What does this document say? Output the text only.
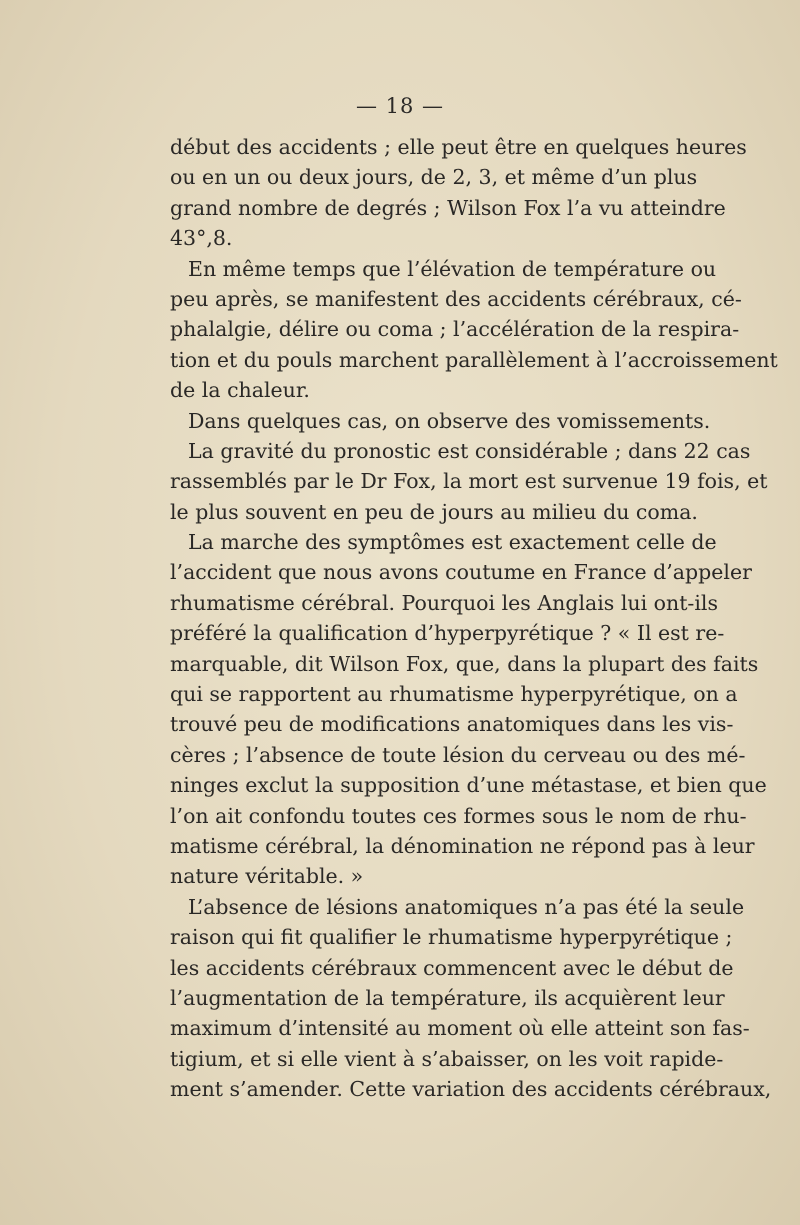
— 18 —
début des accidents ; elle peut être en quelques heures
ou en un ou deux jours, de 2, 3, et même d’un plus
grand nombre de degrés ; Wilson Fox l’a vu atteindre
43°,8.
En même temps que l’élévation de température ou
peu après, se manifestent des accidents cérébraux, cé-
phalalgie, délire ou coma ; l’accélération de la respira-
tion et du pouls marchent parallèlement à l’accroissement
de la chaleur.
Dans quelques cas, on observe des vomissements.
La gravité du pronostic est considérable ; dans 22 cas
rassemblés par le Dr Fox, la mort est survenue 19 fois, et
le plus souvent en peu de jours au milieu du coma.
La marche des symptômes est exactement celle de
l’accident que nous avons coutume en France d’appeler
rhumatisme cérébral. Pourquoi les Anglais lui ont-ils
préféré la qualification d’hyperpyrétique ? « Il est re-
marquable, dit Wilson Fox, que, dans la plupart des faits
qui se rapportent au rhumatisme hyperpyrétique, on a
trouvé peu de modifications anatomiques dans les vis-
cères ; l’absence de toute lésion du cerveau ou des mé-
ninges exclut la supposition d’une métastase, et bien que
l’on ait confondu toutes ces formes sous le nom de rhu-
matisme cérébral, la dénomination ne répond pas à leur
nature véritable. »
L’absence de lésions anatomiques n’a pas été la seule
raison qui fit qualifier le rhumatisme hyperpyrétique ;
les accidents cérébraux commencent avec le début de
l’augmentation de la température, ils acquièrent leur
maximum d’intensité au moment où elle atteint son fas-
tigium, et si elle vient à s’abaisser, on les voit rapide-
ment s’amender. Cette variation des accidents cérébraux,
